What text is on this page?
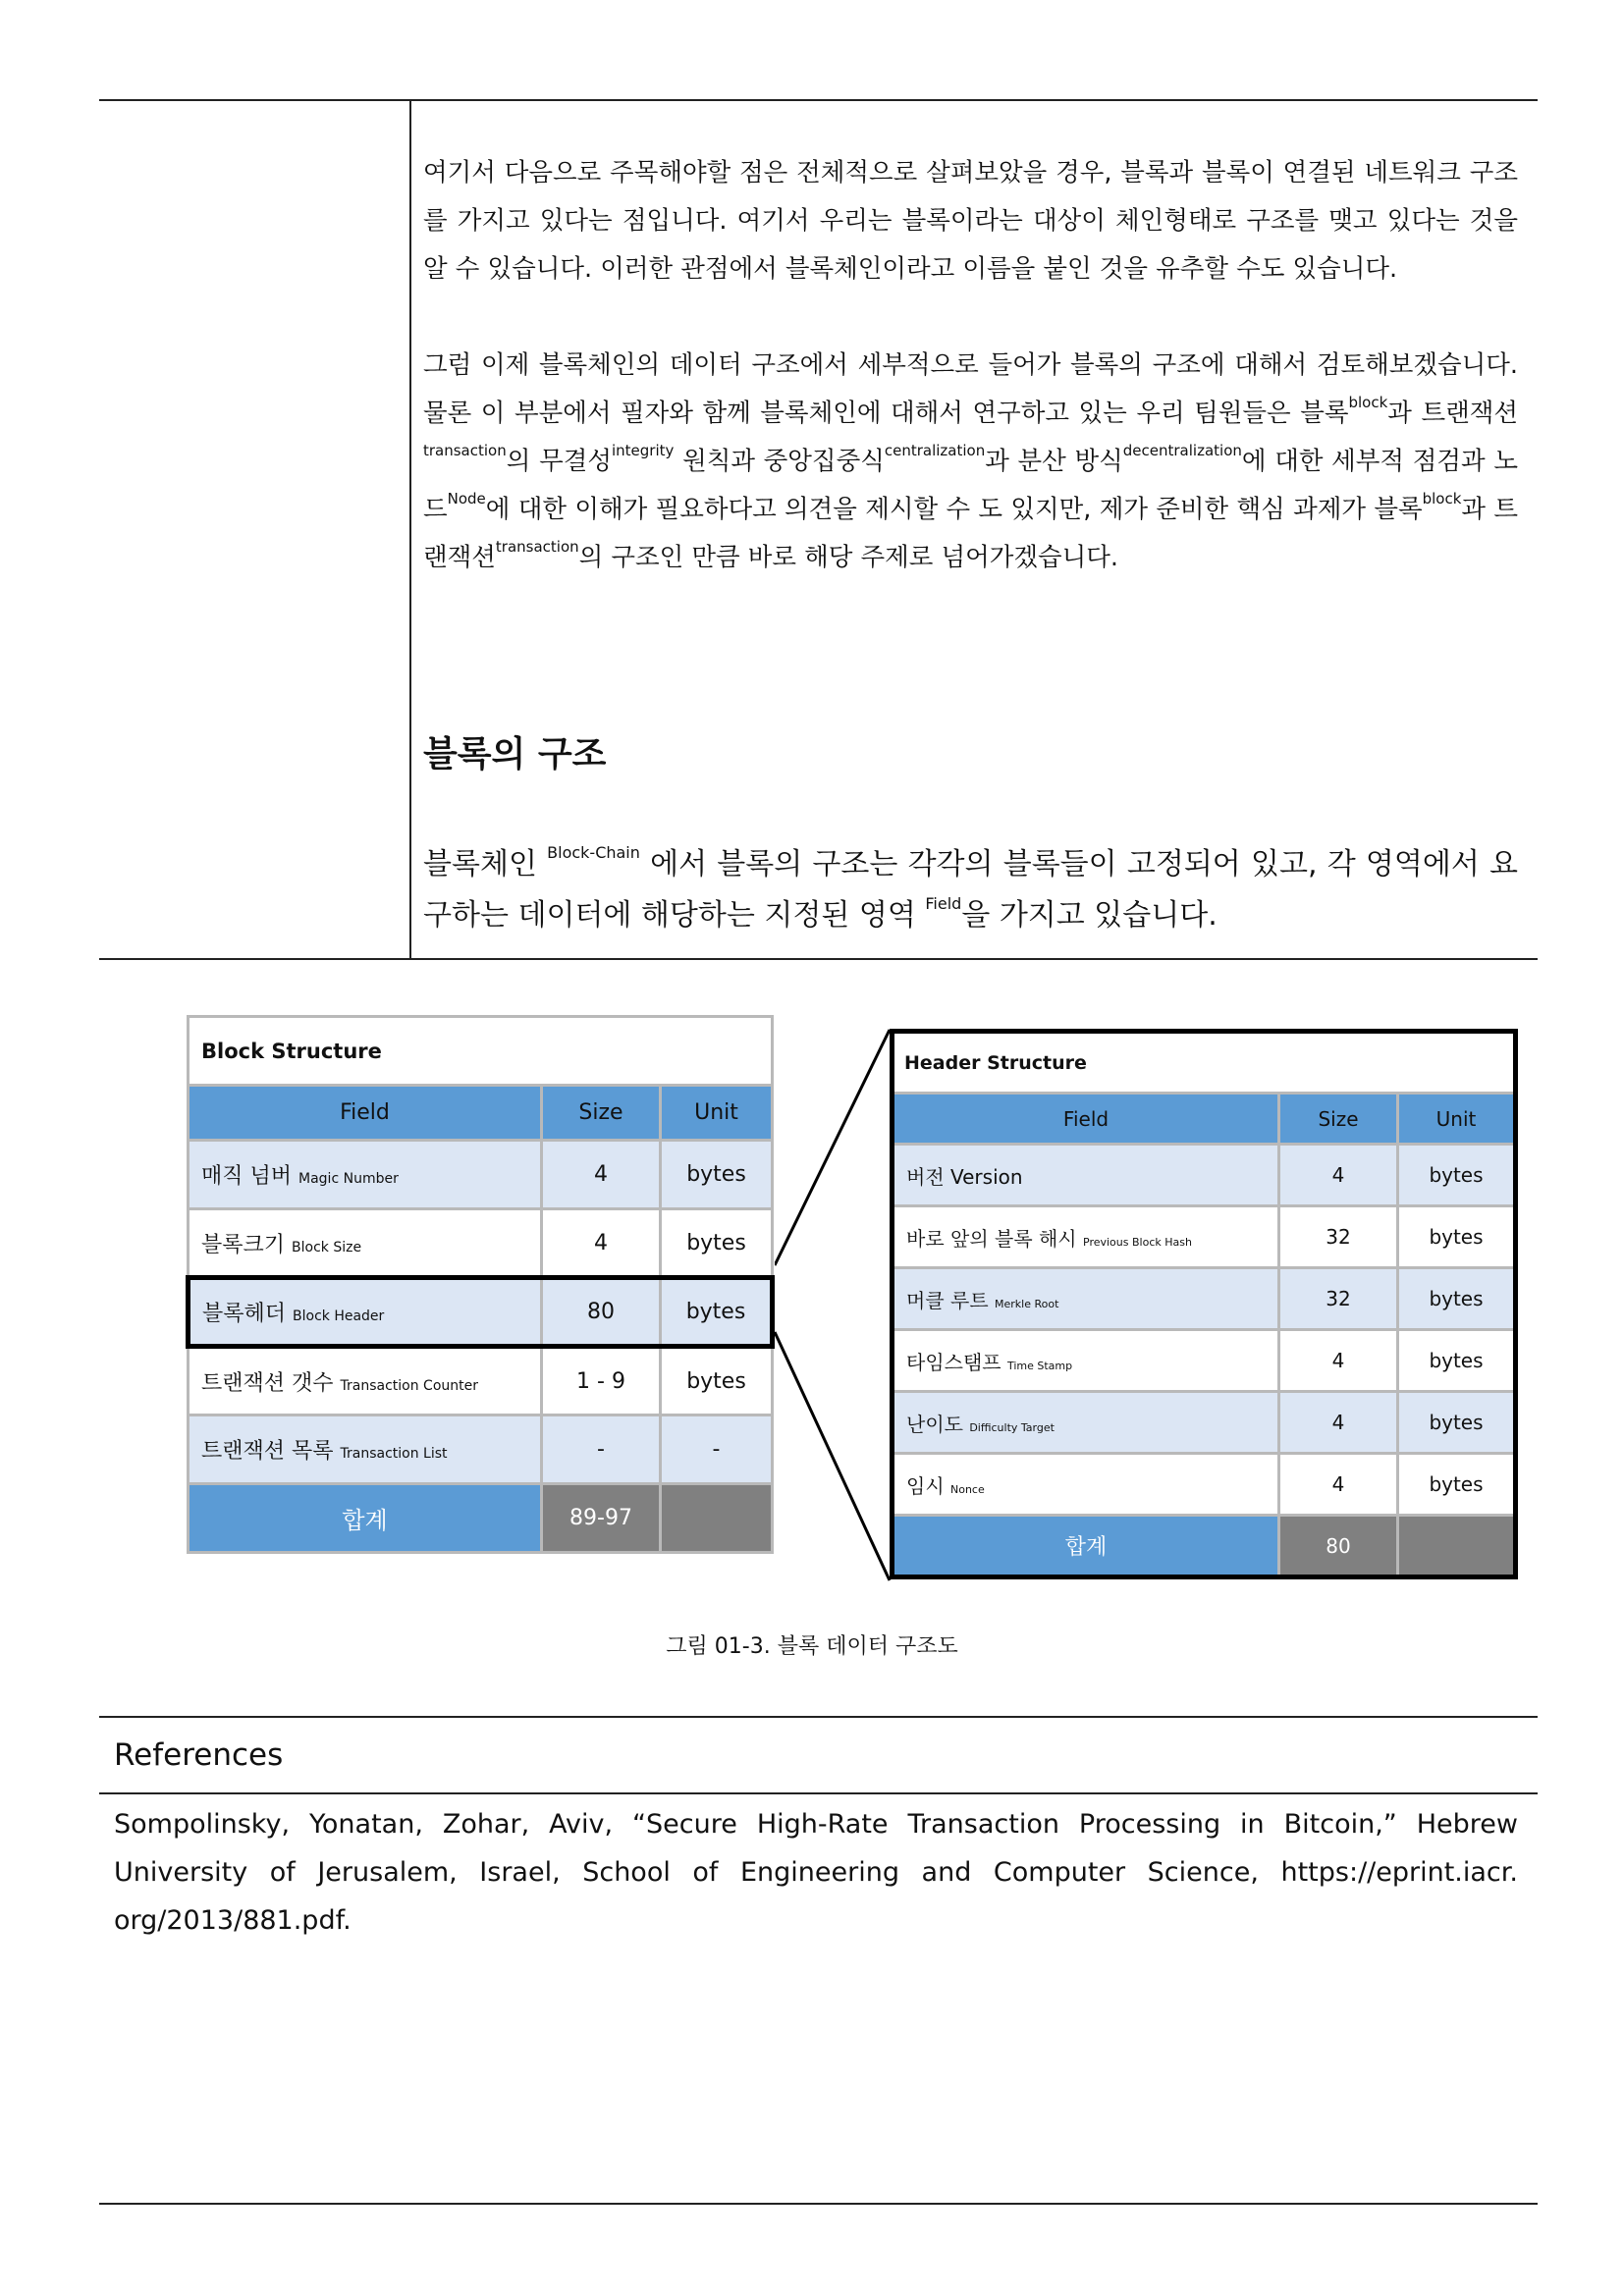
여기서 다음으로 주목해야할 점은 전체적으로 살펴보았을 경우, 블록과 블록이 연결된 네트워크 구조를 가지고 있다는 점입니다. 여기서 우리는 블록이라는 대상이 체인형태로 구조를 맺고 있다는 것을 알 수 있습니다. 이러한 관점에서 블록체인이라고 이름을 붙인 것을 유추할 수도 있습니다.

그럼 이제 블록체인의 데이터 구조에서 세부적으로 들어가 블록의 구조에 대해서 검토해보겠습니다. 물론 이 부분에서 필자와 함께 블록체인에 대해서 연구하고 있는 우리 팀원들은 블록$^{block}$과 트랜잭션$^{transaction}$의 무결성$^{integrity}$ 원칙과 중앙집중식$^{centralization}$과 분산 방식$^{decentralization}$에 대한 세부적 점검과 노드$^{Node}$에 대한 이해가 필요하다고 의견을 제시할 수 도 있지만, 제가 준비한 핵심 과제가 블록$^{block}$과 트랜잭션$^{transaction}$의 구조인 만큼 바로 해당 주제로 넘어가겠습니다.

블록의 구조
블록체인 $^{Block-Chain}$ 에서 블록의 구조는 각각의 블록들이 고정되어 있고, 각 영역에서 요구하는 데이터에 해당하는 지정된 영역 $^{Field}$을 가지고 있습니다.
Block Structure		
Field	Size	Unit
매직 넘버 Magic Number	4	bytes
블록크기 Block Size	4	bytes
블록헤더 Block Header	80	bytes
트랜잭션 갯수 Transaction Counter	1 - 9	bytes
트랜잭션 목록 Transaction List	-	-
합계	89-97	
Header Structure		
Field	Size	Unit
버전 Version	4	bytes
바로 앞의 블록 해시 Previous Block Hash	32	bytes
머클 루트 Merkle Root	32	bytes
타임스탬프 Time Stamp	4	bytes
난이도 Difficulty Target	4	bytes
임시 Nonce	4	bytes
합계	80	
그림 01-3. 블록 데이터 구조도
References
Sompolinsky, Yonatan, Zohar, Aviv, “Secure High-Rate Transaction Processing in Bitcoin,” Hebrew University of Jerusalem, Israel, School of Engineering and Computer Science, https://eprint.iacr. org/2013/881.pdf.
